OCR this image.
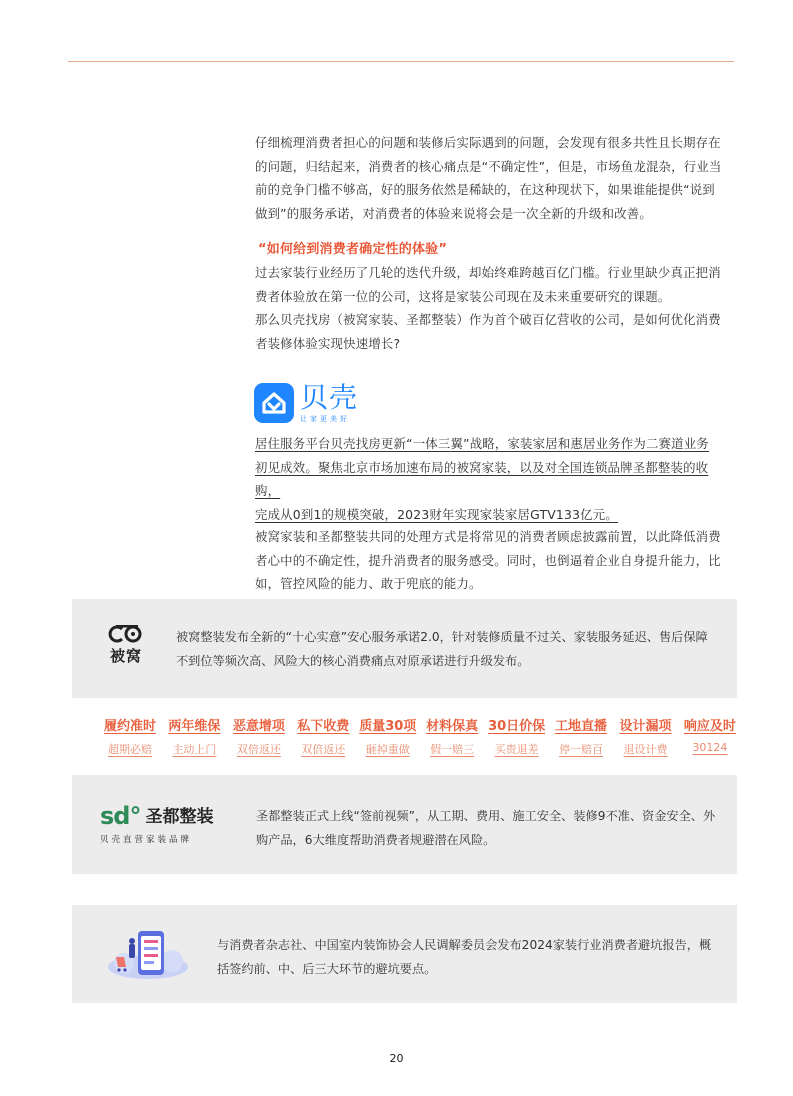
仔细梳理消费者担心的问题和装修后实际遇到的问题，会发现有很多共性且长期存在的问题，归结起来，消费者的核心痛点是“不确定性”，但是，市场鱼龙混杂，行业当前的竞争门槛不够高，好的服务依然是稀缺的，在这种现状下，如果谁能提供“说到做到”的服务承诺，对消费者的体验来说将会是一次全新的升级和改善。

“如何给到消费者确定性的体验”

过去家装行业经历了几轮的迭代升级，却始终难跨越百亿门槛。行业里缺少真正把消费者体验放在第一位的公司，这将是家装公司现在及未来重要研究的课题。

那么贝壳找房（被窝家装、圣都整装）作为首个破百亿营收的公司，是如何优化消费者装修体验实现快速增长?

贝壳
让家更美好
居住服务平台贝壳找房更新“一体三翼”战略，家装家居和惠居业务作为二赛道业务
初见成效。聚焦北京市场加速布局的被窝家装，以及对全国连锁品牌圣都整装的收购，
完成从0到1的规模突破，2023财年实现家装家居GTV133亿元。

被窝家装和圣都整装共同的处理方式是将常见的消费者顾虑披露前置，以此降低消费者心中的不确定性，提升消费者的服务感受。同时，也倒逼着企业自身提升能力，比如，管控风险的能力、敢于兜底的能力。

被窝

被窝整装发布全新的“十心实意”安心服务承诺2.0，针对装修质量不过关、家装服务延迟、售后保障不到位等频次高、风险大的核心消费痛点对原承诺进行升级发布。

履约准时
超期必赔
两年维保
主动上门
恶意增项
双倍返还
私下收费
双倍返还
质量30项
砸掉重做
材料保真
假一赔三
30日价保
买贵退差
工地直播
停一赔百
设计漏项
退设计费
响应及时
30124
sd° 圣都整装
贝壳直营家装品牌

圣都整装正式上线“签前视频”，从工期、费用、施工安全、装修9不准、资金安全、外购产品，6大维度帮助消费者规避潜在风险。

与消费者杂志社、中国室内装饰协会人民调解委员会发布2024家装行业消费者避坑报告，概括签约前、中、后三大环节的避坑要点。

20
